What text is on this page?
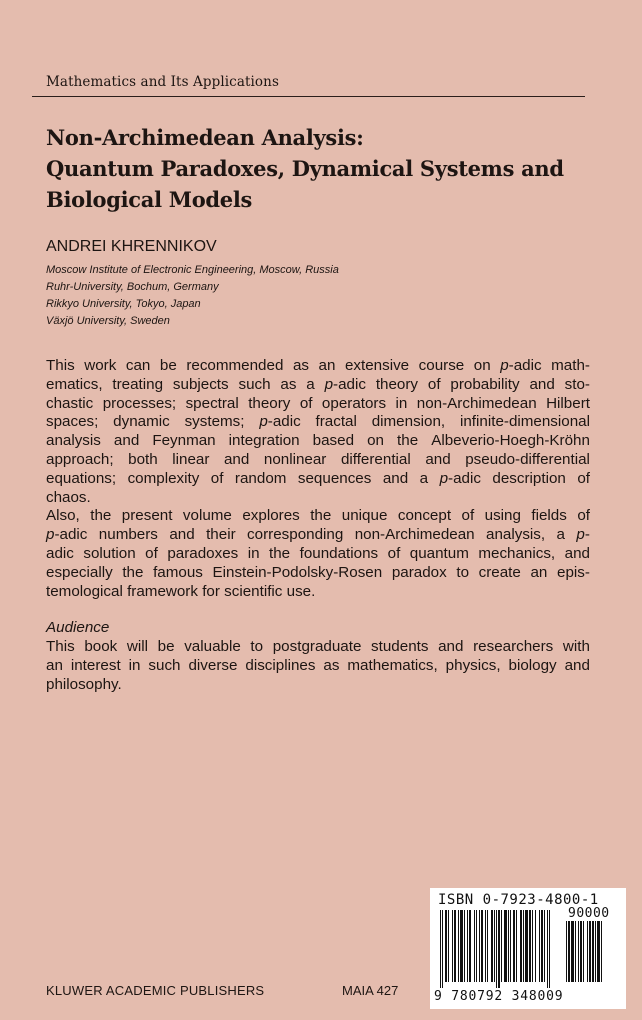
Mathematics and Its Applications
Non-Archimedean Analysis:
Quantum Paradoxes, Dynamical Systems and
Biological Models
ANDREI KHRENNIKOV
Moscow Institute of Electronic Engineering, Moscow, Russia
Ruhr-University, Bochum, Germany
Rikkyo University, Tokyo, Japan
Växjö University, Sweden
This work can be recommended as an extensive course on p-adic math-
ematics, treating subjects such as a p-adic theory of probability and sto-
chastic processes; spectral theory of operators in non-Archimedean Hilbert
spaces; dynamic systems; p-adic fractal dimension, infinite-dimensional
analysis and Feynman integration based on the Albeverio-Hoegh-Kröhn
approach; both linear and nonlinear differential and pseudo-differential
equations; complexity of random sequences and a p-adic description of
chaos.
Also, the present volume explores the unique concept of using fields of
p-adic numbers and their corresponding non-Archimedean analysis, a p-
adic solution of paradoxes in the foundations of quantum mechanics, and
especially the famous Einstein-Podolsky-Rosen paradox to create an epis-
temological framework for scientific use.
Audience
This book will be valuable to postgraduate students and researchers with
an interest in such diverse disciplines as mathematics, physics, biology and
philosophy.
KLUWER ACADEMIC PUBLISHERS	MAIA 427
ISBN 0-7923-4800-1
90000
9 780792 348009
